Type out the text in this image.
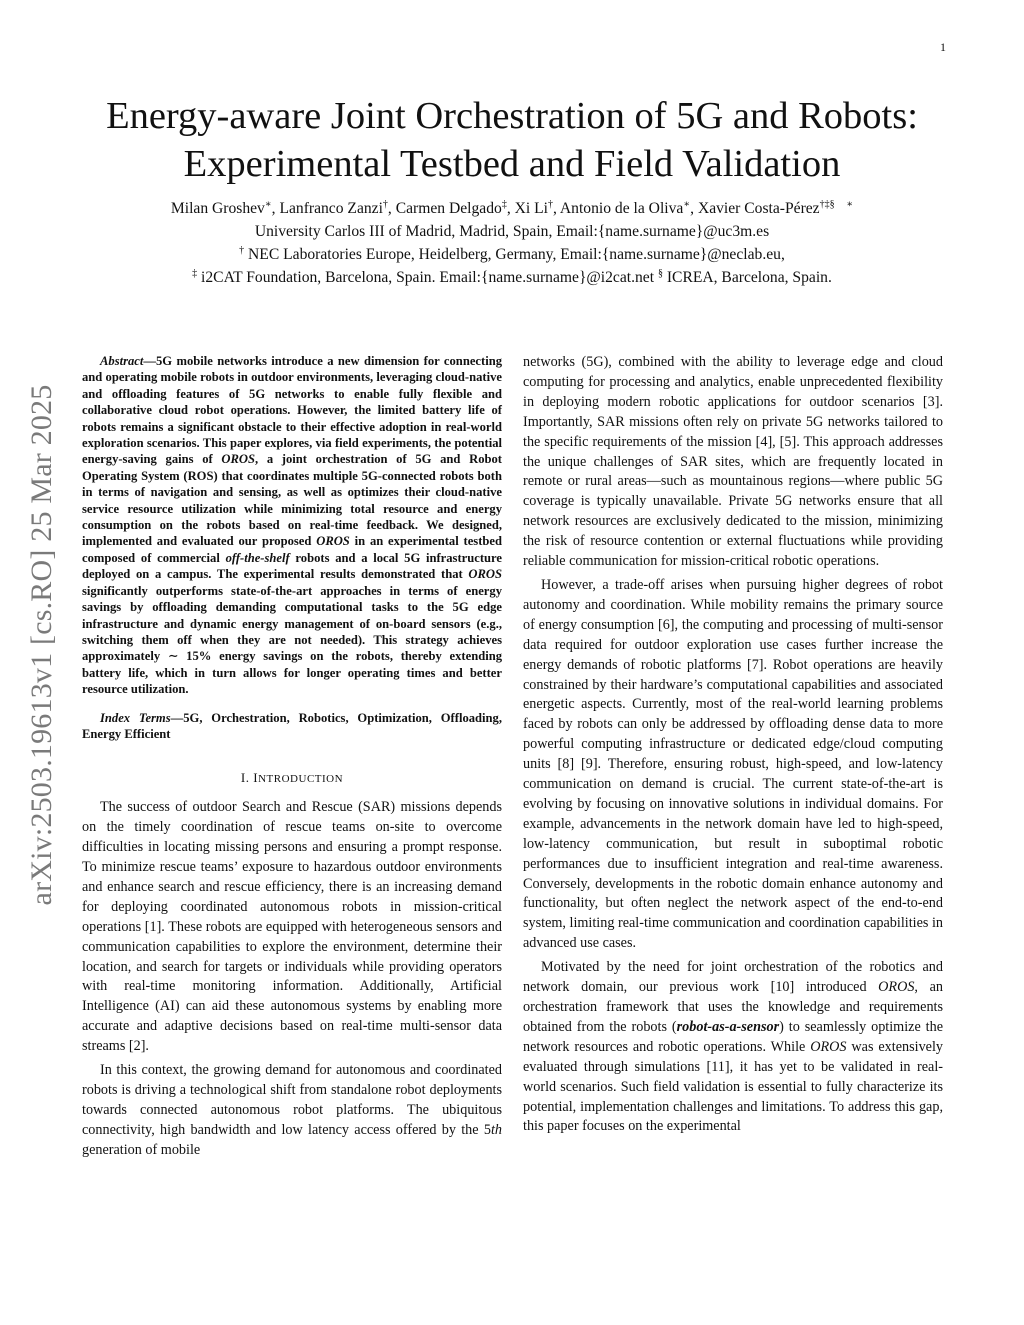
1
arXiv:2503.19613v1 [cs.RO] 25 Mar 2025
Energy-aware Joint Orchestration of 5G and Robots: Experimental Testbed and Field Validation
Milan Groshev∗, Lanfranco Zanzi†, Carmen Delgado‡, Xi Li†, Antonio de la Oliva∗, Xavier Costa-Pérez†‡§ ∗
University Carlos III of Madrid, Madrid, Spain, Email:{name.surname}@uc3m.es
† NEC Laboratories Europe, Heidelberg, Germany, Email:{name.surname}@neclab.eu,
‡ i2CAT Foundation, Barcelona, Spain. Email:{name.surname}@i2cat.net § ICREA, Barcelona, Spain.
Abstract—5G mobile networks introduce a new dimension for connecting and operating mobile robots in outdoor environments, leveraging cloud-native and offloading features of 5G networks to enable fully flexible and collaborative cloud robot operations. However, the limited battery life of robots remains a significant obstacle to their effective adoption in real-world exploration scenarios. This paper explores, via field experiments, the potential energy-saving gains of OROS, a joint orchestration of 5G and Robot Operating System (ROS) that coordinates multiple 5G-connected robots both in terms of navigation and sensing, as well as optimizes their cloud-native service resource utilization while minimizing total resource and energy consumption on the robots based on real-time feedback. We designed, implemented and evaluated our proposed OROS in an experimental testbed composed of commercial off-the-shelf robots and a local 5G infrastructure deployed on a campus. The experimental results demonstrated that OROS significantly outperforms state-of-the-art approaches in terms of energy savings by offloading demanding computational tasks to the 5G edge infrastructure and dynamic energy management of on-board sensors (e.g., switching them off when they are not needed). This strategy achieves approximately ∼ 15% energy savings on the robots, thereby extending battery life, which in turn allows for longer operating times and better resource utilization.
Index Terms—5G, Orchestration, Robotics, Optimization, Offloading, Energy Efficient
I. INTRODUCTION

The success of outdoor Search and Rescue (SAR) missions depends on the timely coordination of rescue teams on-site to overcome difficulties in locating missing persons and ensuring a prompt response. To minimize rescue teams’ exposure to hazardous outdoor environments and enhance search and rescue efficiency, there is an increasing demand for deploying coordinated autonomous robots in mission-critical operations [1]. These robots are equipped with heterogeneous sensors and communication capabilities to explore the environment, determine their location, and search for targets or individuals while providing operators with real-time monitoring information. Additionally, Artificial Intelligence (AI) can aid these autonomous systems by enabling more accurate and adaptive decisions based on real-time multi-sensor data streams [2].

In this context, the growing demand for autonomous and coordinated robots is driving a technological shift from standalone robot deployments towards connected autonomous robot platforms. The ubiquitous connectivity, high bandwidth and low latency access offered by the 5th generation of mobile

networks (5G), combined with the ability to leverage edge and cloud computing for processing and analytics, enable unprecedented flexibility in deploying modern robotic applications for outdoor scenarios [3]. Importantly, SAR missions often rely on private 5G networks tailored to the specific requirements of the mission [4], [5]. This approach addresses the unique challenges of SAR sites, which are frequently located in remote or rural areas—such as mountainous regions—where public 5G coverage is typically unavailable. Private 5G networks ensure that all network resources are exclusively dedicated to the mission, minimizing the risk of resource contention or external fluctuations while providing reliable communication for mission-critical robotic operations.

However, a trade-off arises when pursuing higher degrees of robot autonomy and coordination. While mobility remains the primary source of energy consumption [6], the computing and processing of multi-sensor data required for outdoor exploration use cases further increase the energy demands of robotic platforms [7]. Robot operations are heavily constrained by their hardware’s computational capabilities and associated energetic aspects. Currently, most of the real-world learning problems faced by robots can only be addressed by offloading dense data to more powerful computing infrastructure or dedicated edge/cloud computing units [8] [9]. Therefore, ensuring robust, high-speed, and low-latency communication on demand is crucial. The current state-of-the-art is evolving by focusing on innovative solutions in individual domains. For example, advancements in the network domain have led to high-speed, low-latency communication, but result in suboptimal robotic performances due to insufficient integration and real-time awareness. Conversely, developments in the robotic domain enhance autonomy and functionality, but often neglect the network aspect of the end-to-end system, limiting real-time communication and coordination capabilities in advanced use cases.

Motivated by the need for joint orchestration of the robotics and network domain, our previous work [10] introduced OROS, an orchestration framework that uses the knowledge and requirements obtained from the robots (robot-as-a-sensor) to seamlessly optimize the network resources and robotic operations. While OROS was extensively evaluated through simulations [11], it has yet to be validated in real-world scenarios. Such field validation is essential to fully characterize its potential, implementation challenges and limitations. To address this gap, this paper focuses on the experimental
